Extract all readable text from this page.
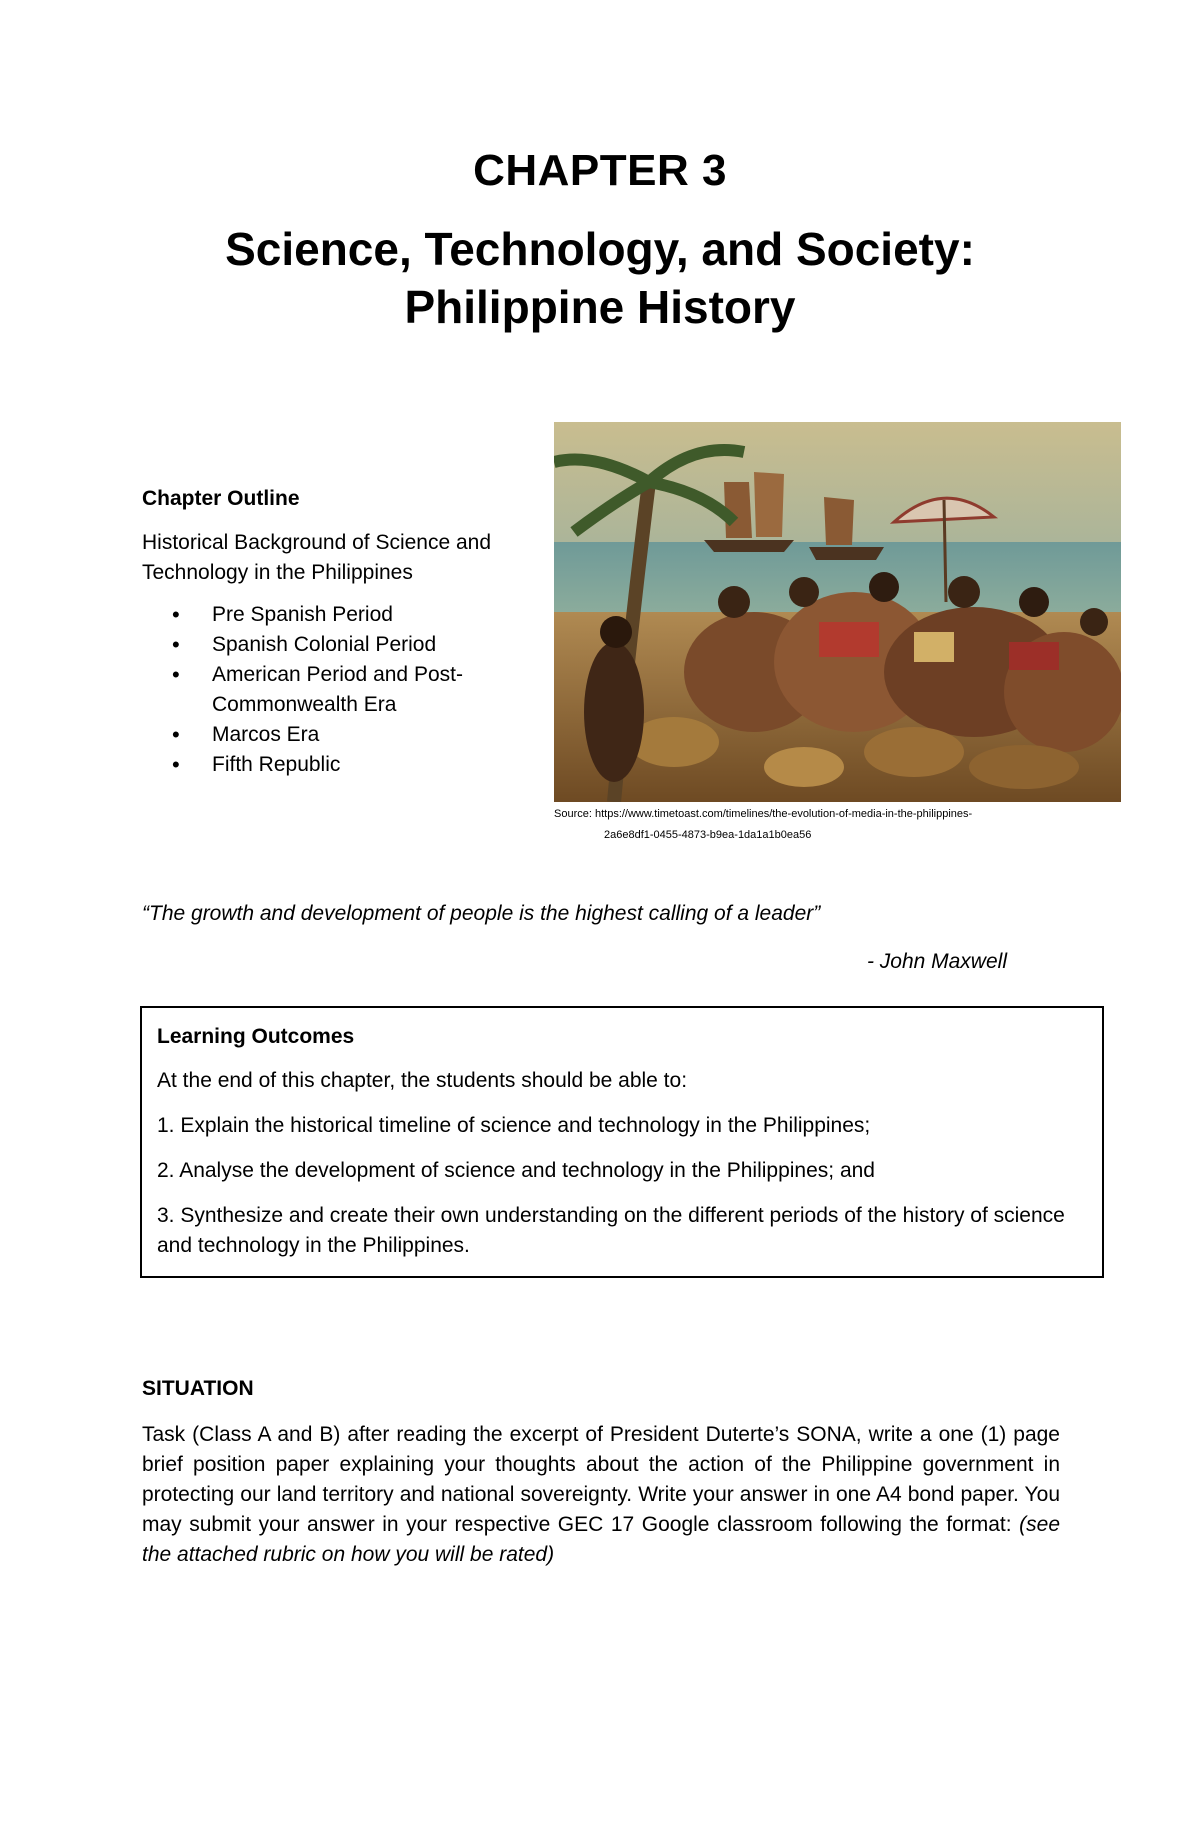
CHAPTER 3
Science, Technology, and Society:
Philippine History
Chapter Outline
Historical Background of Science and Technology in the Philippines
• Pre Spanish Period
• Spanish Colonial Period
• American Period and Post-Commonwealth Era
• Marcos Era
• Fifth Republic
Source: https://www.timetoast.com/timelines/the-evolution-of-media-in-the-philippines-
2a6e8df1-0455-4873-b9ea-1da1a1b0ea56
“The growth and development of people is the highest calling of a leader”
- John Maxwell
Learning Outcomes

At the end of this chapter, the students should be able to:

1. Explain the historical timeline of science and technology in the Philippines;

2. Analyse the development of science and technology in the Philippines; and

3. Synthesize and create their own understanding on the different periods of the history of science and technology in the Philippines.

SITUATION
Task (Class A and B) after reading the excerpt of President Duterte’s SONA, write a one (1) page brief position paper explaining your thoughts about the action of the Philippine government in protecting our land territory and national sovereignty. Write your answer in one A4 bond paper. You may submit your answer in your respective GEC 17 Google classroom following the format: (see the attached rubric on how you will be rated)
